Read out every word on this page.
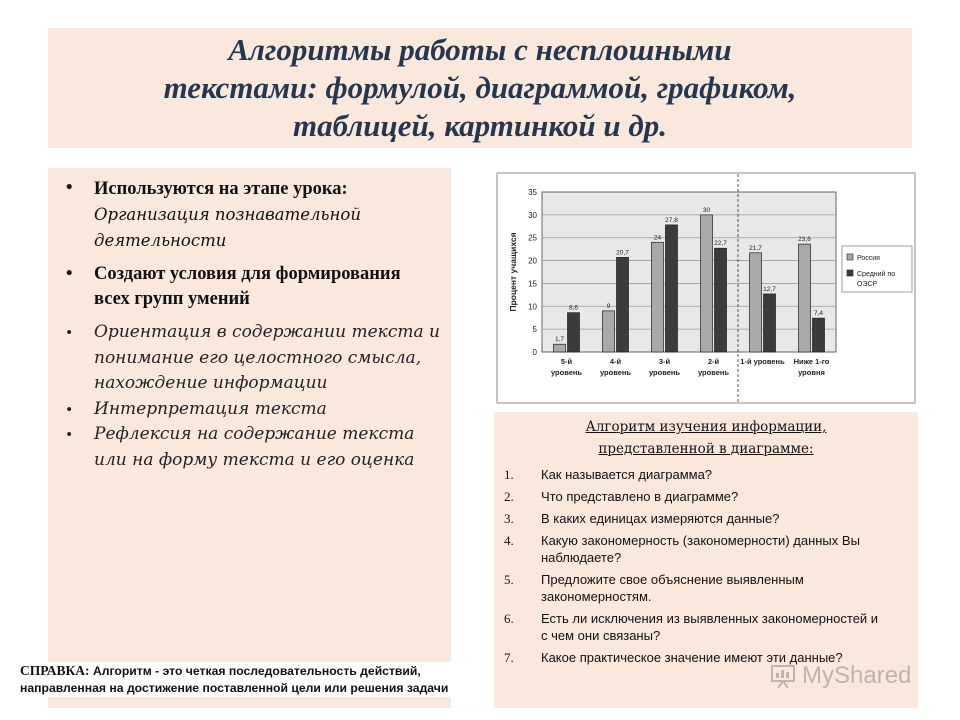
Алгоритмы работы с несплошными
текстами: формулой, диаграммой, графиком,
таблицей, картинкой и др.
• Используются на этапе урока: Организация познавательной деятельности
• Создают условия для формирования всех групп умений
• Ориентация в содержании текста и понимание его целостного смысла, нахождение информации
• Интерпретация текста
• Рефлексия на содержание текста или на форму текста и его оценка
0
5
10
15
20
25
30
35
Процент учащихся
1,7
8,6
5-й
уровень
9
20,7
4-й
уровень
24
27,8
3-й
уровень
30
22,7
2-й
уровень
21,7
12,7
1-й уровень
23,6
7,4
Ниже 1-го
уровня
Россия
Средний по
ОЭСР
Алгоритм изучения информации,
представленной в диаграмме:
1.	Как называется диаграмма?
2.	Что представлено в диаграмме?
3.	В каких единицах измеряются данные?
4.	Какую закономерность (закономерности) данных Вы наблюдаете?
5.	Предложите свое объяснение выявленным закономерностям.
6.	Есть ли исключения из выявленных закономерностей и с чем они связаны?
7.	Какое практическое значение имеют эти данные?
СПРАВКА: Алгоритм - это четкая последовательность действий, направленная на достижение поставленной цели или решения задачи	MyShared
